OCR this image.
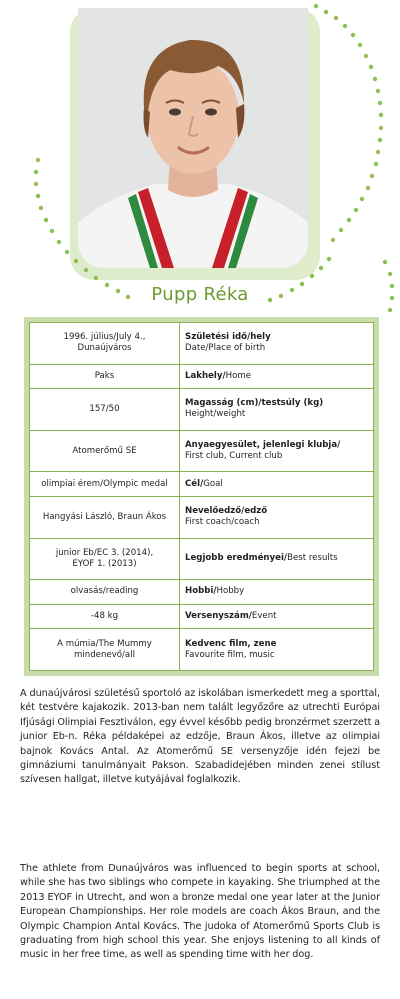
Pupp Réka
1996. július/July 4.,
Dunaújváros	Születési idő/hely
Date/Place of birth
Paks	Lakhely/Home
157/50	Magasság (cm)/testsúly (kg)
Height/weight
Atomerőmű SE	Anyaegyesület, jelenlegi klubja/
First club, Current club
olimpiai érem/Olympic medal	Cél/Goal
Hangyási László, Braun Ákos	Nevelőedző/edző
First coach/coach
junior Eb/EC 3. (2014),
EYOF 1. (2013)	Legjobb eredményei/Best results
olvasás/reading	Hobbi/Hobby
-48 kg	Versenyszám/Event
A múmia/The Mummy
mindenevő/all	Kedvenc film, zene
Favourite film, music
A dunaújvárosi születésű sportoló az iskolában ismerkedett meg a sporttal, két testvére kajakozik. 2013-ban nem talált legyőzőre az utrechti Európai Ifjúsági Olimpiai Fesztiválon, egy évvel később pedig bronzérmet szerzett a junior Eb-n. Réka példaképei az edzője, Braun Ákos, illetve az olimpiai bajnok Kovács Antal. Az Atomerőmű SE versenyzője idén fejezi be gimnáziumi tanulmányait Pakson. Szabadidejében minden zenei stílust szívesen hallgat, illetve kutyájával foglalkozik.
The athlete from Dunaújváros was influenced to begin sports at school, while she has two siblings who compete in kayaking. She triumphed at the 2013 EYOF in Utrecht, and won a bronze medal one year later at the Junior European Championships. Her role models are coach Ákos Braun, and the Olympic Champion Antal Kovács. The judoka of Atomerőmű Sports Club is graduating from high school this year. She enjoys listening to all kinds of music in her free time, as well as spending time with her dog.
